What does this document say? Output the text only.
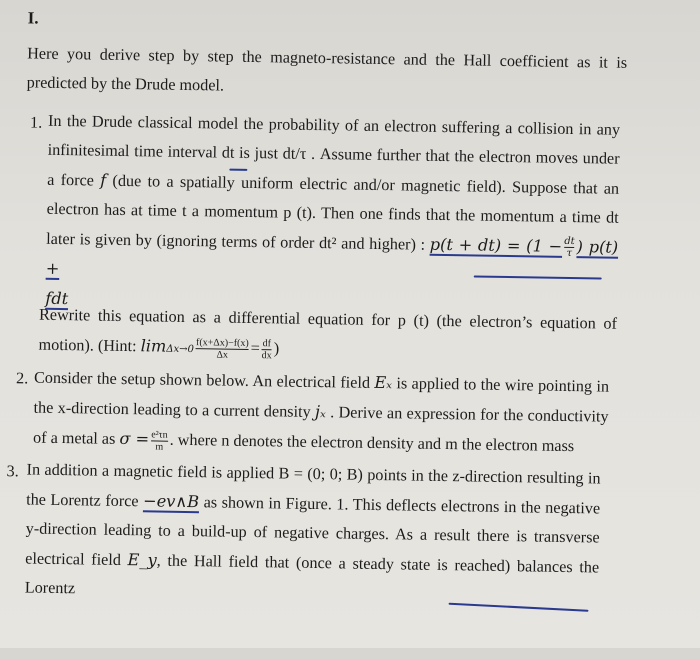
I.
Here you derive step by step the magneto-resistance and the Hall coefficient as it is predicted by the Drude model.
1. In the Drude classical model the probability of an electron suffering a collision in any infinitesimal time interval dt is just dt/τ . Assume further that the electron moves under a force f (due to a spatially uniform electric and/or magnetic field). Suppose that an electron has at time t a momentum p (t). Then one finds that the momentum a time dt later is given by (ignoring terms of order dt² and higher) : $p(t + dt) = (1 - \frac{dt}{\tau}$ ) p(t) +
fdt
Rewrite this equation as a differential equation for p (t) (the electron’s equation of motion). (Hint: $\lim\Delta x\to 0 \frac{f(x+\Delta x)-f(x)}{\Delta x} = \frac{df}{dx}$ )
2. Consider the setup shown below. An electrical field Eₓ is applied to the wire pointing in the x-direction leading to a current density jₓ . Derive an expression for the conductivity of a metal as $\sigma = \frac{\text{e²τn}}{m}$ . where n denotes the electron density and m the electron mass
3. In addition a magnetic field is applied B = (0; 0; B) points in the z-direction resulting in the Lorentz force −ev∧B as shown in Figure. 1. This deflects electrons in the negative y-direction leading to a build-up of negative charges. As a result there is transverse electrical field E_y, the Hall field that (once a steady state is reached) balances the Lorentz
